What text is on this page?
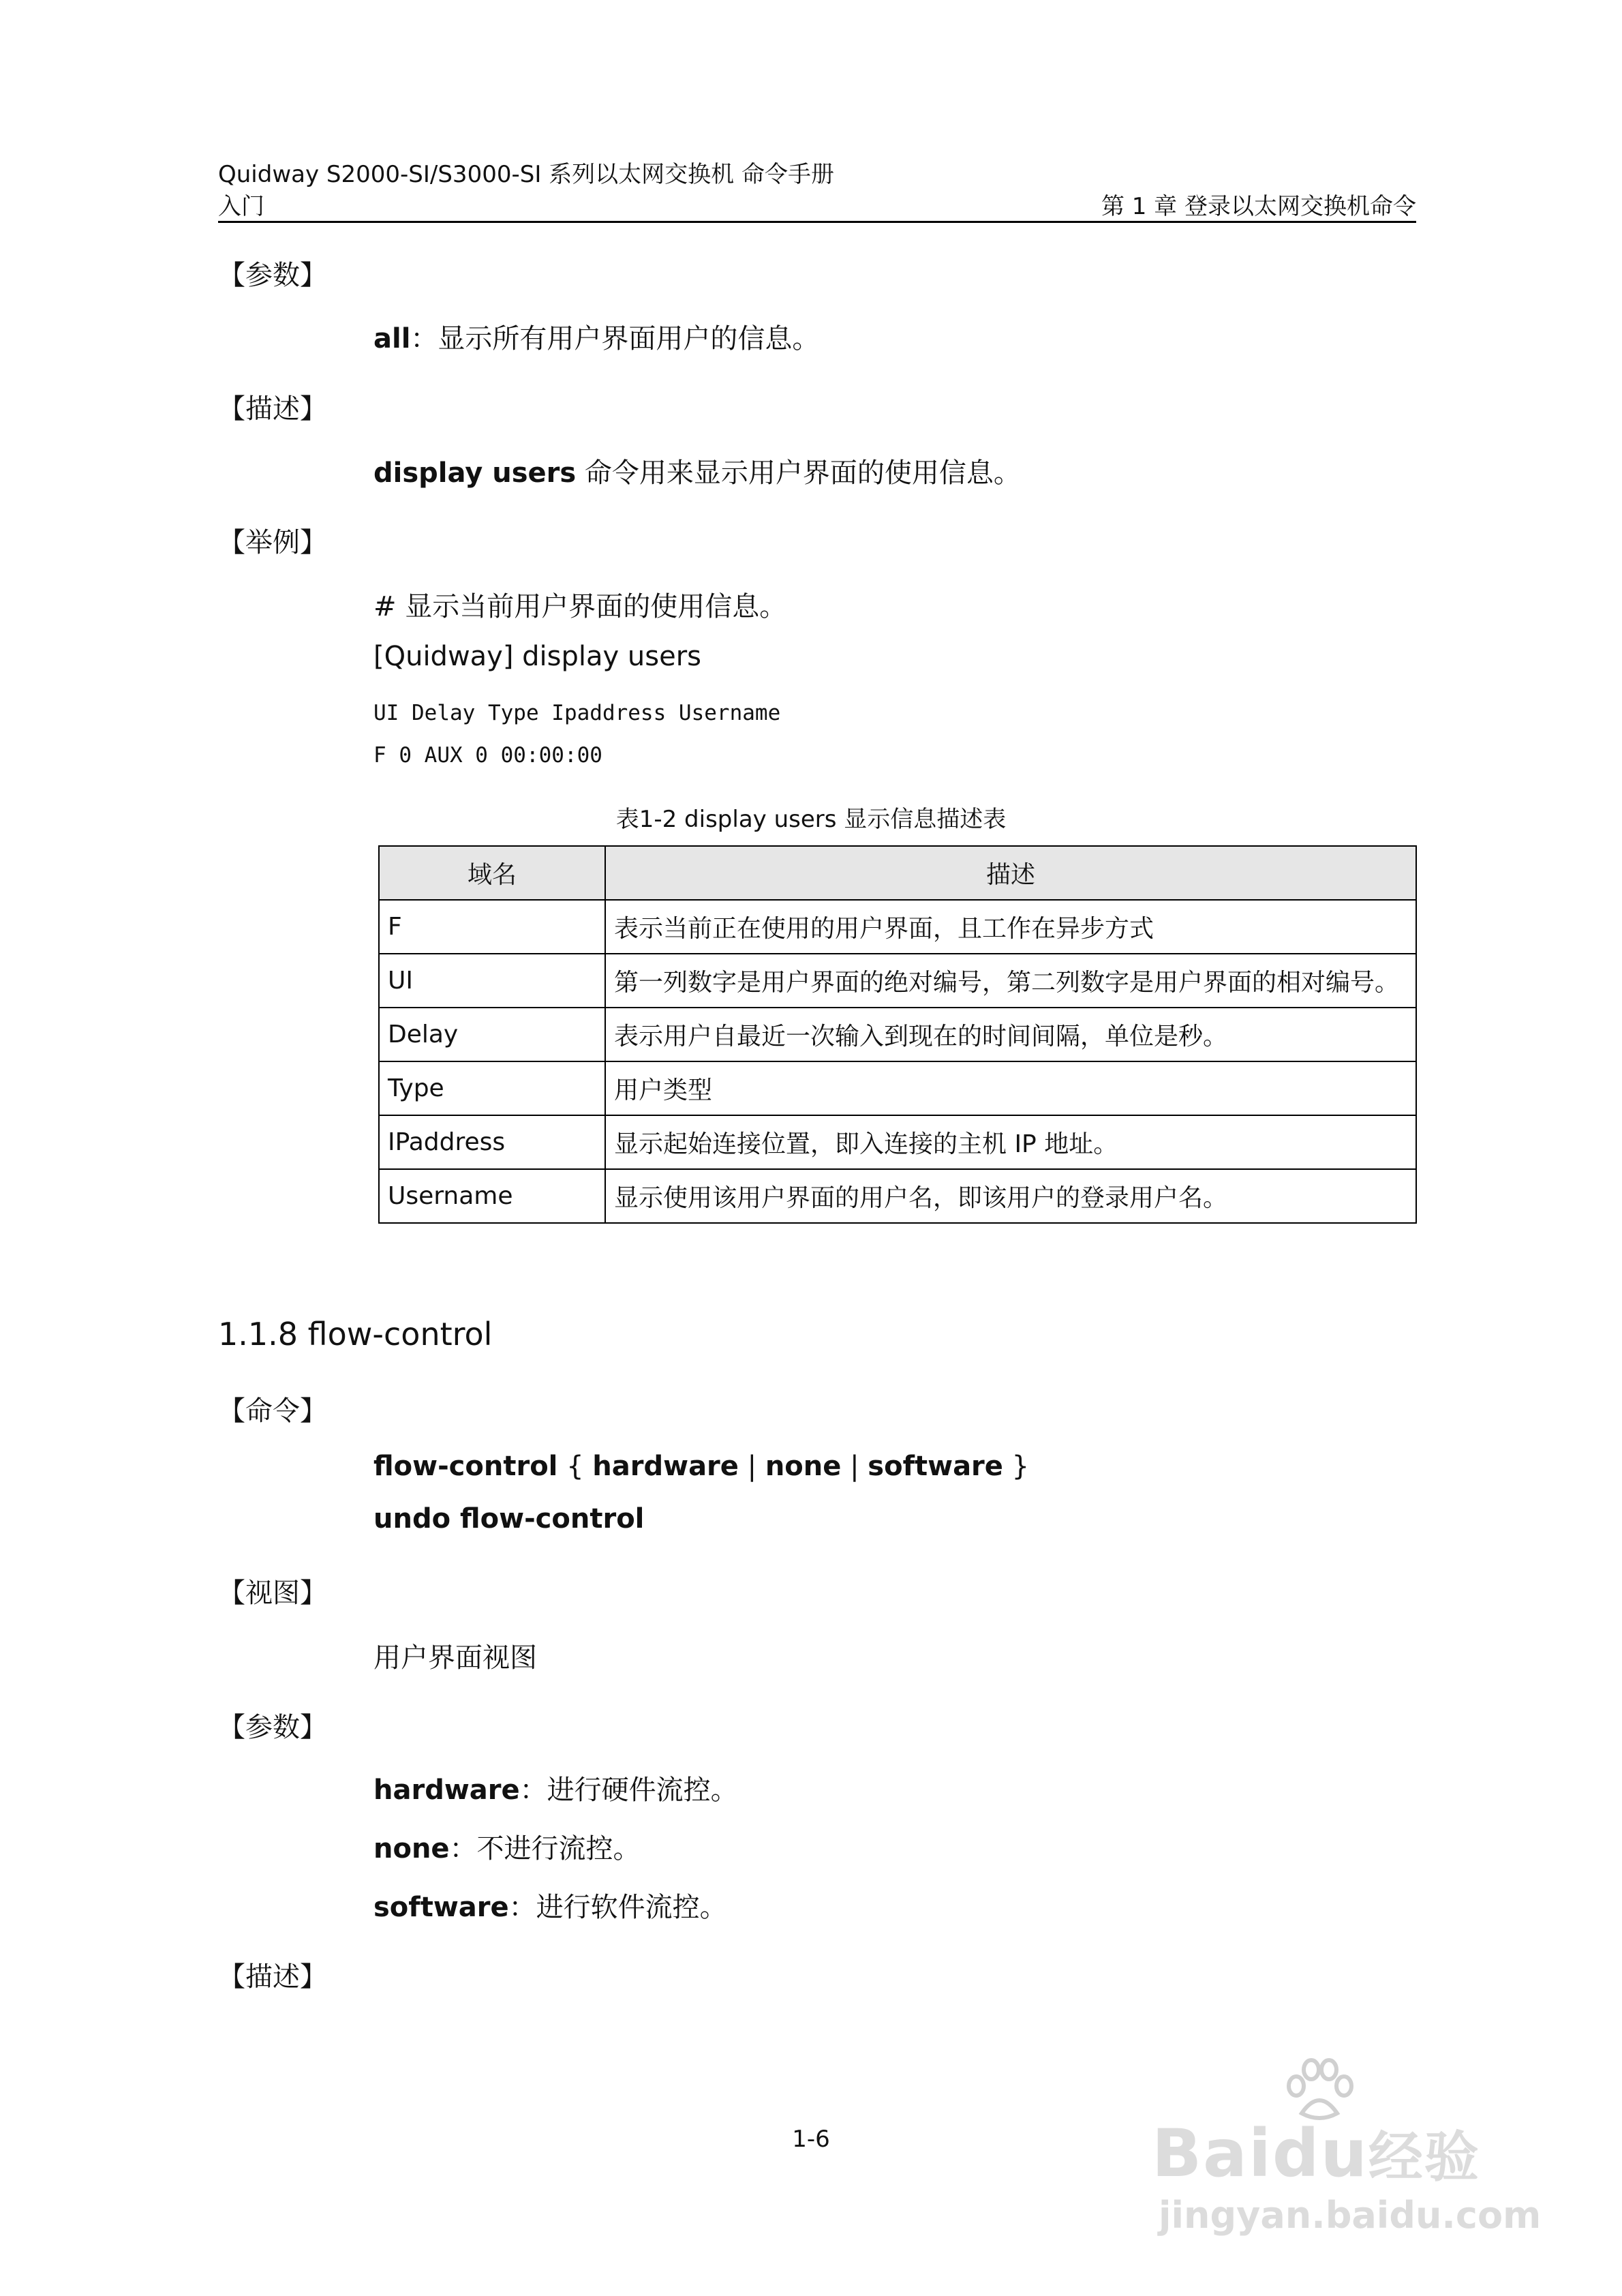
Quidway S2000-SI/S3000-SI 系列以太网交换机 命令手册
入门	第 1 章 登录以太网交换机命令
【参数】
all：显示所有用户界面用户的信息。
【描述】
display users 命令用来显示用户界面的使用信息。
【举例】
# 显示当前用户界面的使用信息。
[Quidway] display users
UI Delay Type Ipaddress Username
F 0 AUX 0 00:00:00
表1-2 display users 显示信息描述表
域名	描述
F	表示当前正在使用的用户界面，且工作在异步方式
UI	第一列数字是用户界面的绝对编号，第二列数字是用户界面的相对编号。
Delay	表示用户自最近一次输入到现在的时间间隔，单位是秒。
Type	用户类型
IPaddress	显示起始连接位置，即入连接的主机 IP 地址。
Username	显示使用该用户界面的用户名，即该用户的登录用户名。
1.1.8 flow-control
【命令】
flow-control { hardware | none | software }
undo flow-control
【视图】
用户界面视图
【参数】
hardware：进行硬件流控。
none：不进行流控。
software：进行软件流控。
【描述】
1-6	Baidu经验
jingyan.baidu.com
